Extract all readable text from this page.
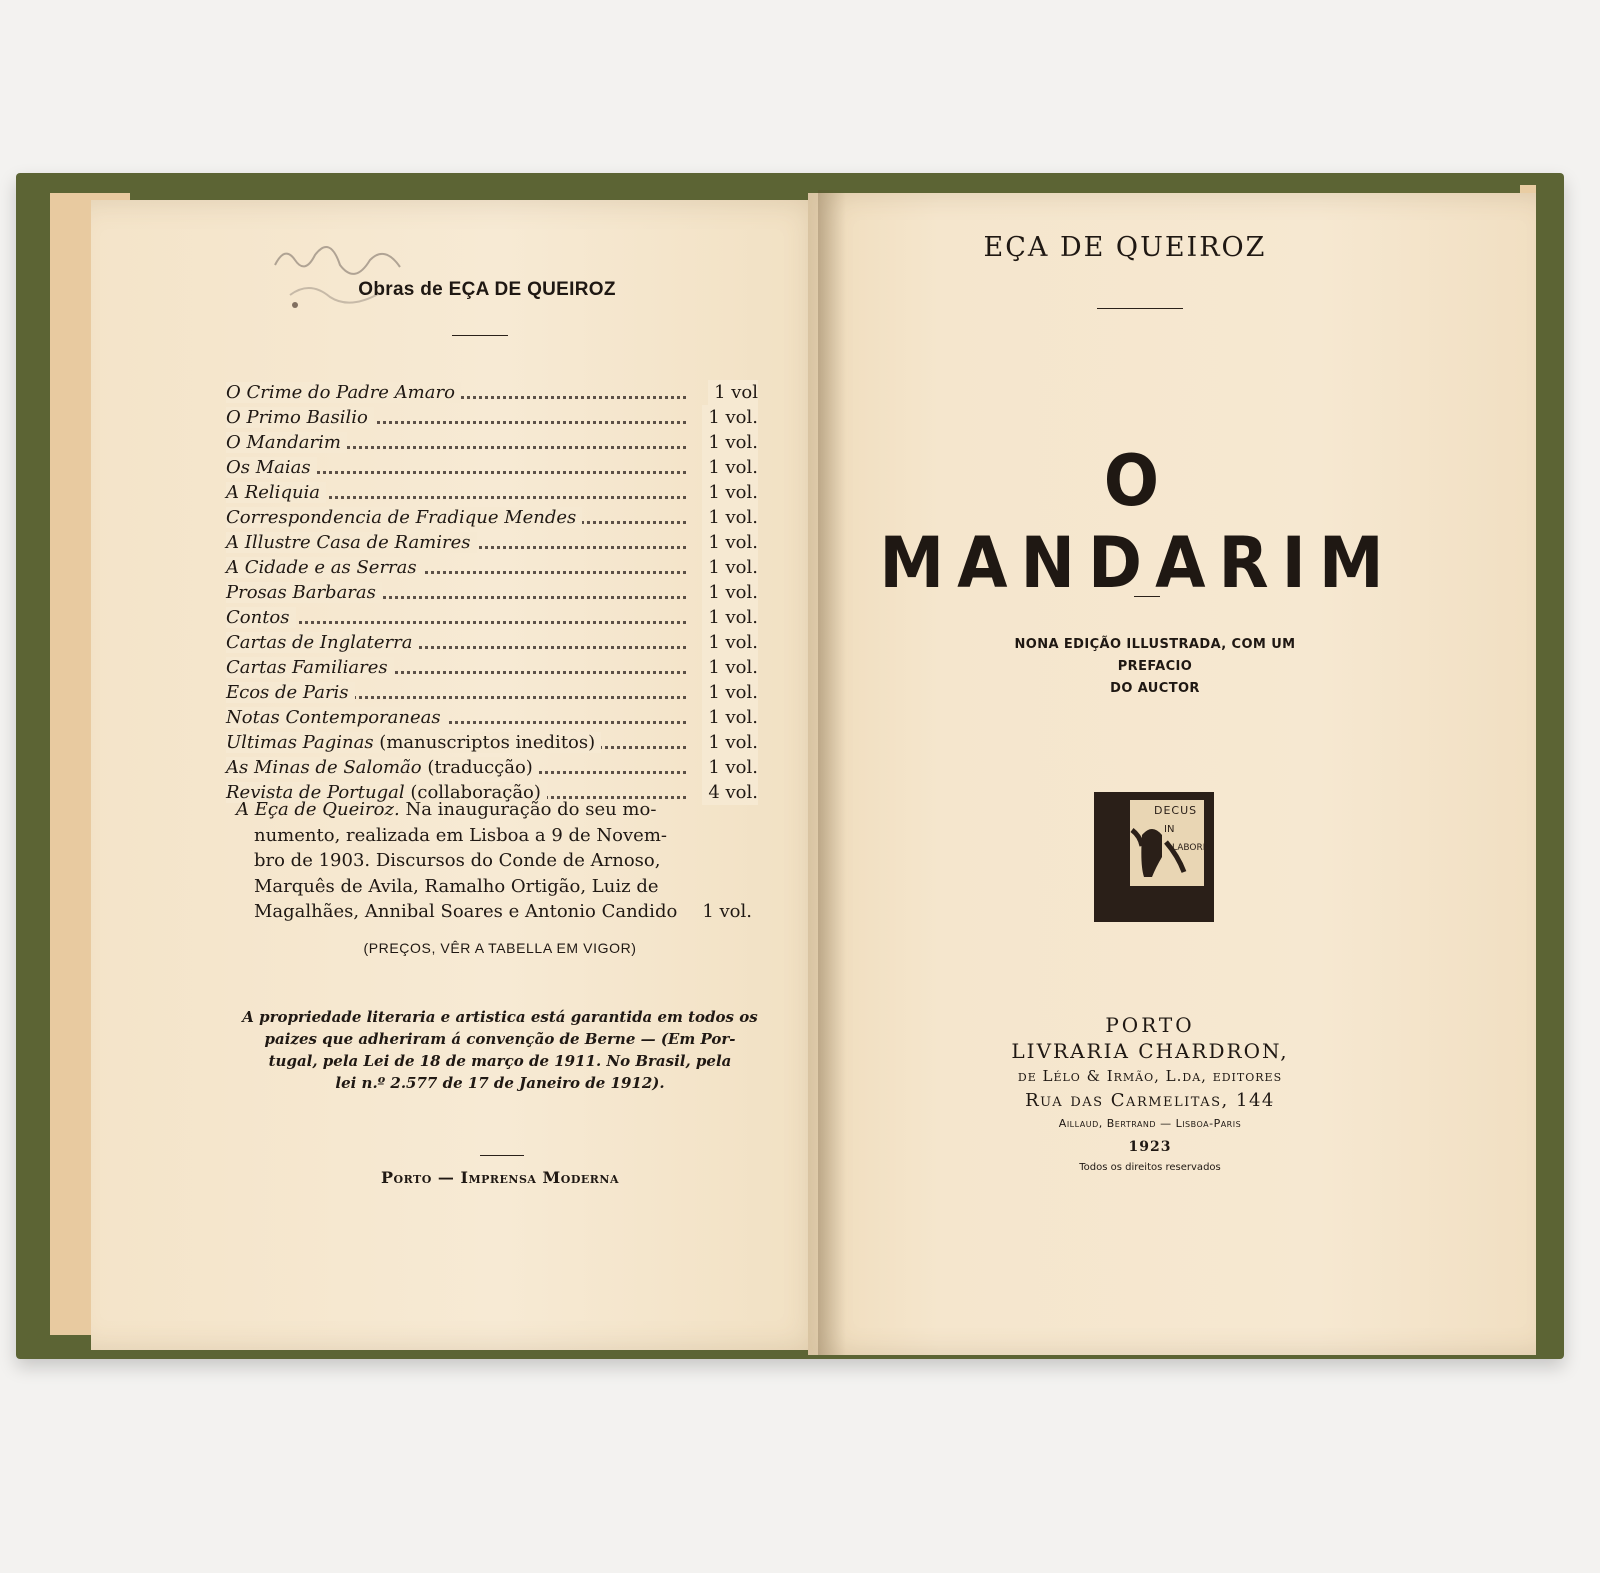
Obras de EÇA DE QUEIROZ
O Crime do Padre Amaro	1 vol
O Primo Basilio	1 vol.
O Mandarim	1 vol.
Os Maias	1 vol.
A Reliquia	1 vol.
Correspondencia de Fradique Mendes	1 vol.
A Illustre Casa de Ramires	1 vol.
A Cidade e as Serras	1 vol.
Prosas Barbaras	1 vol.
Contos	1 vol.
Cartas de Inglaterra	1 vol.
Cartas Familiares	1 vol.
Ecos de Paris	1 vol.
Notas Contemporaneas	1 vol.
Ultimas Paginas (manuscriptos ineditos)	1 vol.
As Minas de Salomão (traducção)	1 vol.
Revista de Portugal (collaboração)	4 vol.
A Eça de Queiroz. Na inauguração do seu mo-
numento, realizada em Lisboa a 9 de Novem-
bro de 1903. Discursos do Conde de Arnoso,
Marquês de Avila, Ramalho Ortigão, Luiz de
Magalhães, Annibal Soares e Antonio Candido	1 vol.
(PREÇOS, VÊR A TABELLA EM VIGOR)
A propriedade literaria e artistica está garantida em todos os
paizes que adheriram á convenção de Berne — (Em Por-
tugal, pela Lei de 18 de março de 1911. No Brasil, pela
lei n.º 2.577 de 17 de Janeiro de 1912).
Porto — Imprensa Moderna
EÇA DE QUEIROZ
O MANDARIM
NONA EDIÇÃO ILLUSTRADA, COM UM PREFACIO
DO AUCTOR
DECUS
IN
LABORE
PORTO
LIVRARIA CHARDRON,
de Lélo & Irmão, L.da, editores
Rua das Carmelitas, 144
Aillaud, Bertrand — Lisboa-Paris
1923
Todos os direitos reservados
